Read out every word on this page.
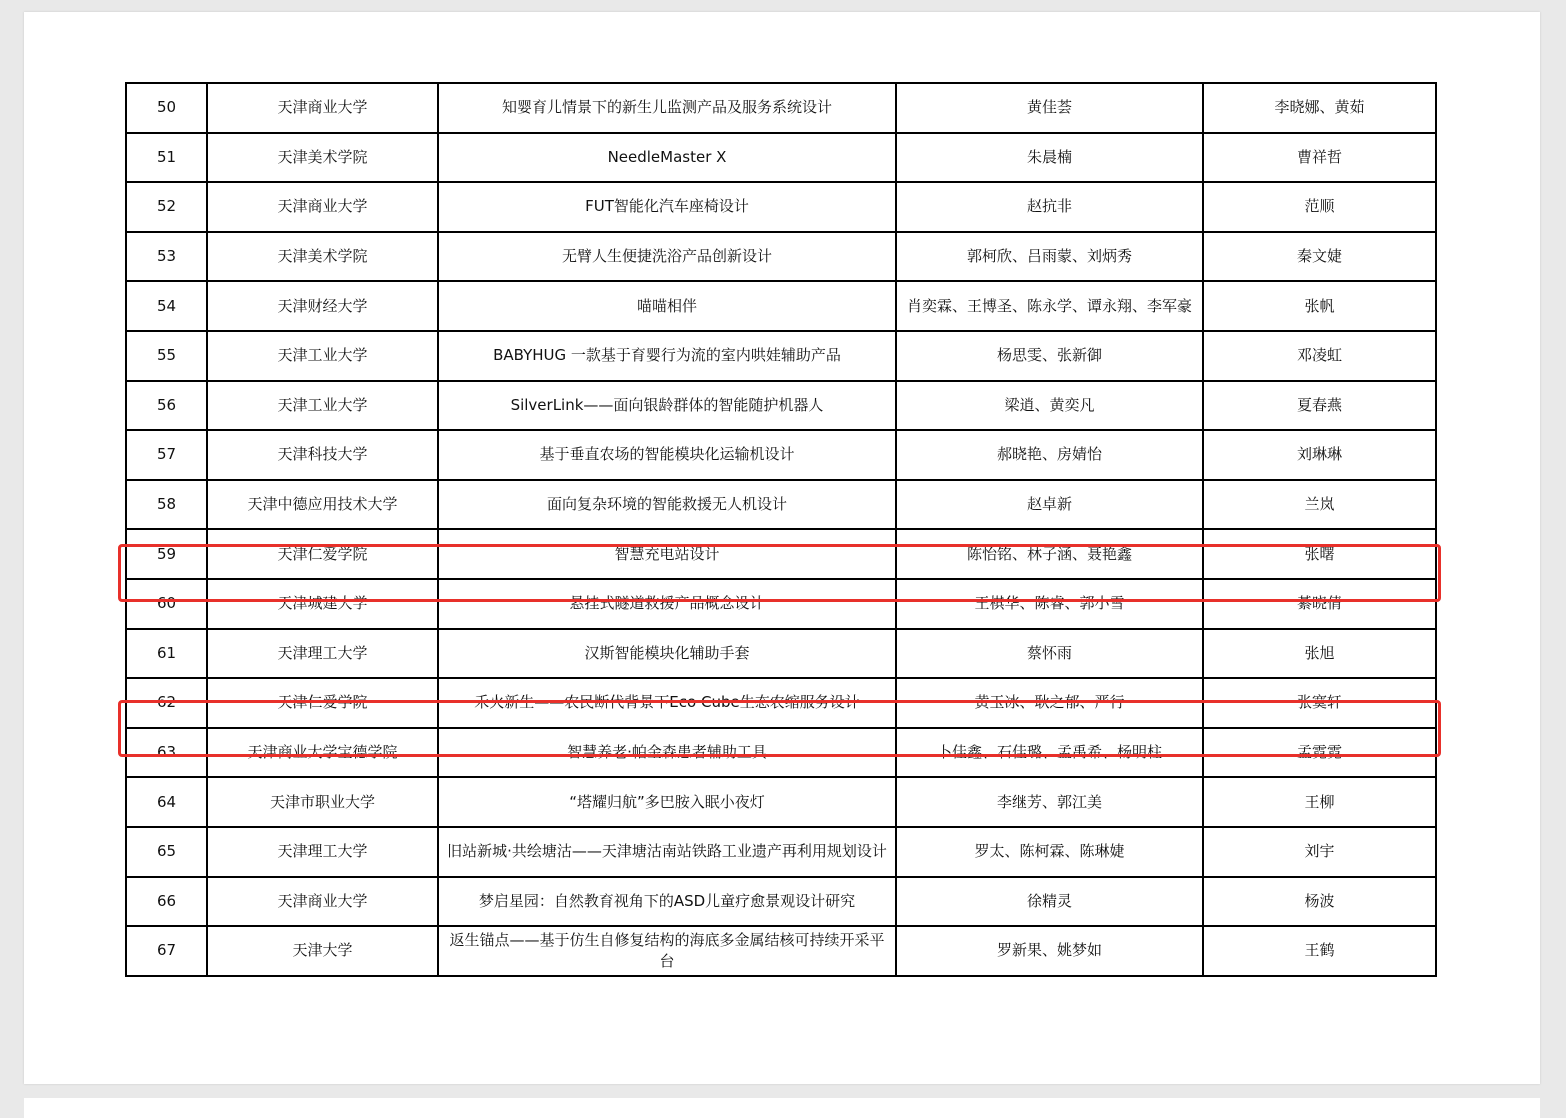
50	天津商业大学	知婴育儿情景下的新生儿监测产品及服务系统设计	黄佳荟	李晓娜、黄茹
51	天津美术学院	NeedleMaster X	朱晨楠	曹祥哲
52	天津商业大学	FUT智能化汽车座椅设计	赵抗非	范顺
53	天津美术学院	无臂人生便捷洗浴产品创新设计	郭柯欣、吕雨蒙、刘炳秀	秦文婕
54	天津财经大学	喵喵相伴	肖奕霖、王博圣、陈永学、谭永翔、李军豪	张帆
55	天津工业大学	BABYHUG 一款基于育婴行为流的室内哄娃辅助产品	杨思雯、张新御	邓凌虹
56	天津工业大学	SilverLink——面向银龄群体的智能随护机器人	梁逍、黄奕凡	夏春燕
57	天津科技大学	基于垂直农场的智能模块化运输机设计	郝晓艳、房婧怡	刘琳琳
58	天津中德应用技术大学	面向复杂环境的智能救援无人机设计	赵卓新	兰岚
59	天津仁爱学院	智慧充电站设计	陈怡铭、林子涵、聂艳鑫	张曙
60	天津城建大学	悬挂式隧道救援产品概念设计	王棋华、陈睿、郭小雪	綦晓倩
61	天津理工大学	汉斯智能模块化辅助手套	蔡怀雨	张旭
62	天津仁爱学院	禾火新生——农民断代背景下Eco Cube生态农缩服务设计	黄玉冰、耿之郁、严行	张寞轩
63	天津商业大学宝德学院	智慧养老·帕金森患者辅助工具	卜佳鑫、石佳璐、孟禹希、杨明柱	孟霓霓
64	天津市职业大学	“塔耀归航”多巴胺入眠小夜灯	李继芳、郭江美	王柳
65	天津理工大学	旧站新城·共绘塘沽——天津塘沽南站铁路工业遗产再利用规划设计	罗太、陈柯霖、陈琳婕	刘宇
66	天津商业大学	梦启星园：自然教育视角下的ASD儿童疗愈景观设计研究	徐精灵	杨波
67	天津大学	返生锚点——基于仿生自修复结构的海底多金属结核可持续开采平台	罗新果、姚梦如	王鹤
